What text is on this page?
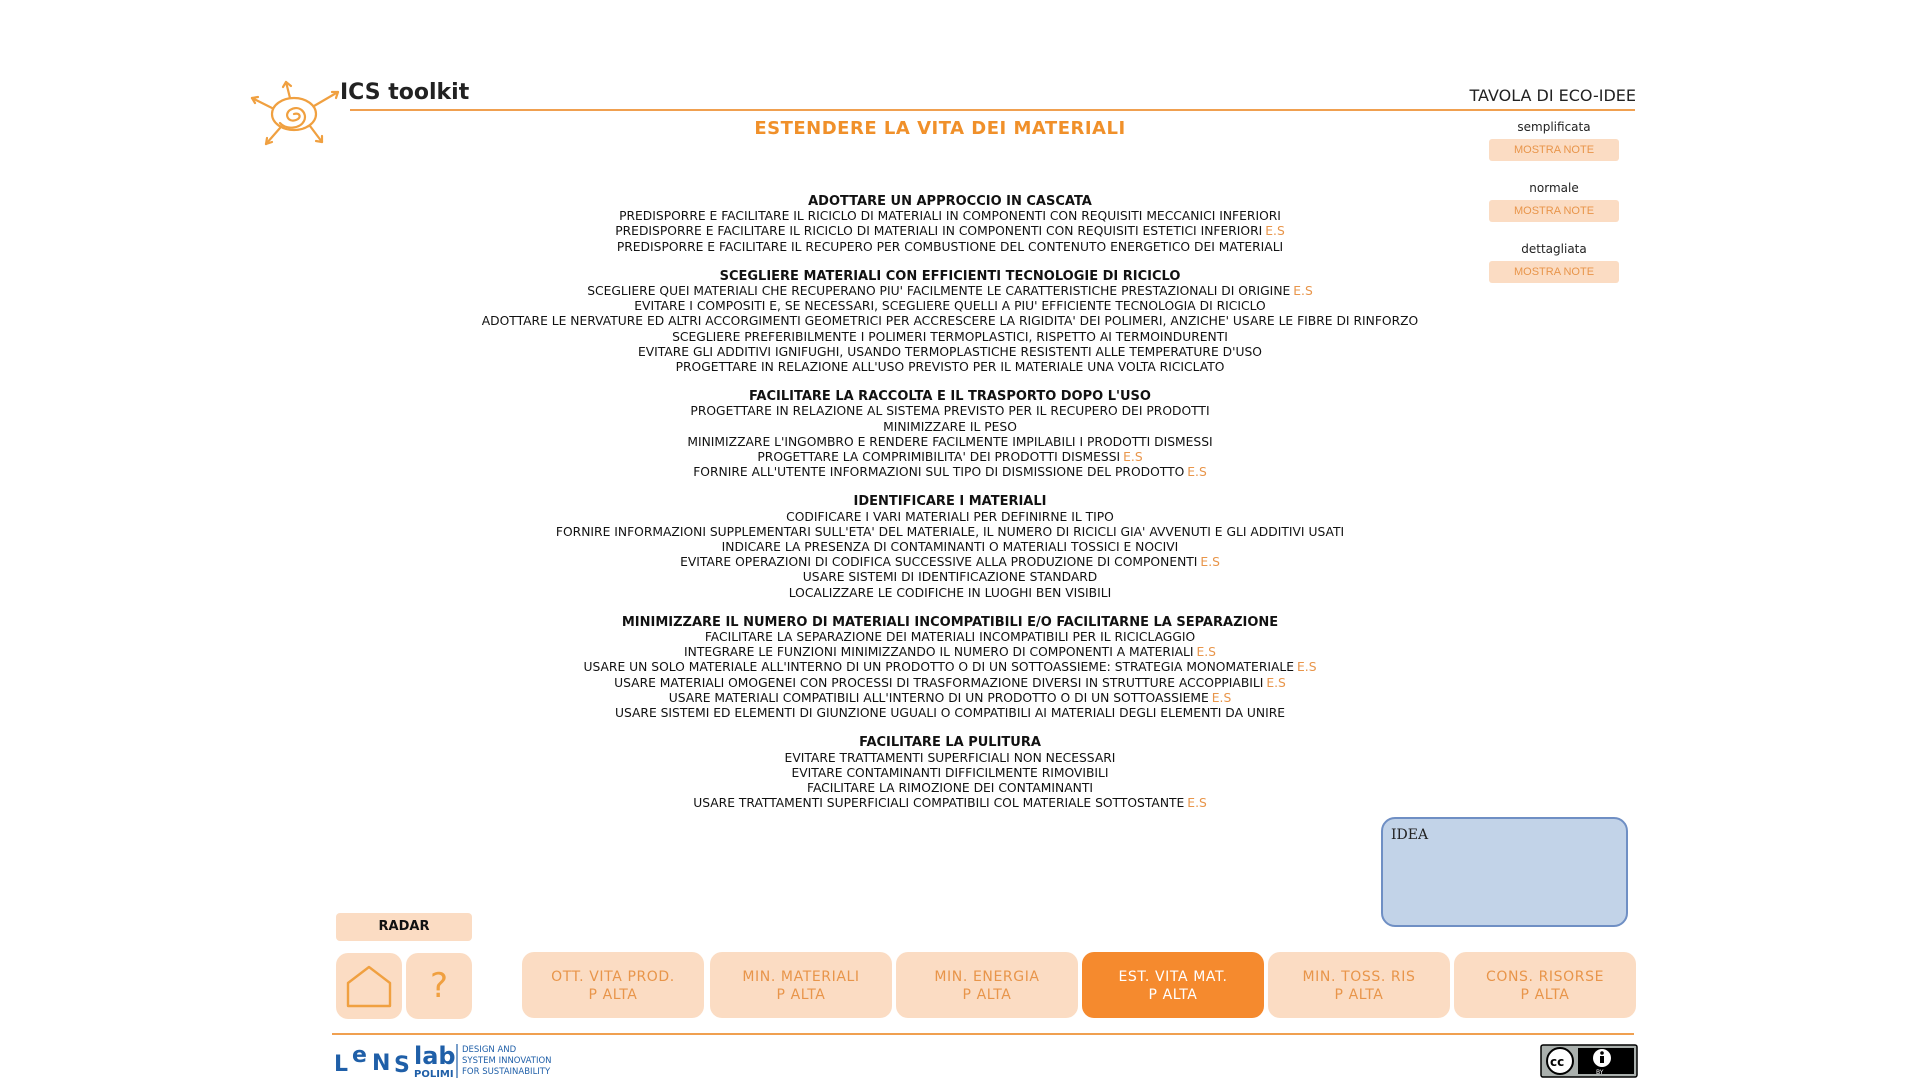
ICS toolkit	TAVOLA DI ECO-IDEE
ESTENDERE LA VITA DEI MATERIALI	semplificata
MOSTRA NOTE
normale
MOSTRA NOTE
dettagliata
MOSTRA NOTE
ADOTTARE UN APPROCCIO IN CASCATA
PREDISPORRE E FACILITARE IL RICICLO DI MATERIALI IN COMPONENTI CON REQUISITI MECCANICI INFERIORI
PREDISPORRE E FACILITARE IL RICICLO DI MATERIALI IN COMPONENTI CON REQUISITI ESTETICI INFERIORI E.S
PREDISPORRE E FACILITARE IL RECUPERO PER COMBUSTIONE DEL CONTENUTO ENERGETICO DEI MATERIALI
SCEGLIERE MATERIALI CON EFFICIENTI TECNOLOGIE DI RICICLO
SCEGLIERE QUEI MATERIALI CHE RECUPERANO PIU' FACILMENTE LE CARATTERISTICHE PRESTAZIONALI DI ORIGINE E.S
EVITARE I COMPOSITI E, SE NECESSARI, SCEGLIERE QUELLI A PIU' EFFICIENTE TECNOLOGIA DI RICICLO
ADOTTARE LE NERVATURE ED ALTRI ACCORGIMENTI GEOMETRICI PER ACCRESCERE LA RIGIDITA' DEI POLIMERI, ANZICHE' USARE LE FIBRE DI RINFORZO
SCEGLIERE PREFERIBILMENTE I POLIMERI TERMOPLASTICI, RISPETTO AI TERMOINDURENTI
EVITARE GLI ADDITIVI IGNIFUGHI, USANDO TERMOPLASTICHE RESISTENTI ALLE TEMPERATURE D'USO
PROGETTARE IN RELAZIONE ALL'USO PREVISTO PER IL MATERIALE UNA VOLTA RICICLATO
FACILITARE LA RACCOLTA E IL TRASPORTO DOPO L'USO
PROGETTARE IN RELAZIONE AL SISTEMA PREVISTO PER IL RECUPERO DEI PRODOTTI
MINIMIZZARE IL PESO
MINIMIZZARE L'INGOMBRO E RENDERE FACILMENTE IMPILABILI I PRODOTTI DISMESSI
PROGETTARE LA COMPRIMIBILITA' DEI PRODOTTI DISMESSI E.S
FORNIRE ALL'UTENTE INFORMAZIONI SUL TIPO DI DISMISSIONE DEL PRODOTTO E.S
IDENTIFICARE I MATERIALI
CODIFICARE I VARI MATERIALI PER DEFINIRNE IL TIPO
FORNIRE INFORMAZIONI SUPPLEMENTARI SULL'ETA' DEL MATERIALE, IL NUMERO DI RICICLI GIA' AVVENUTI E GLI ADDITIVI USATI
INDICARE LA PRESENZA DI CONTAMINANTI O MATERIALI TOSSICI E NOCIVI
EVITARE OPERAZIONI DI CODIFICA SUCCESSIVE ALLA PRODUZIONE DI COMPONENTI E.S
USARE SISTEMI DI IDENTIFICAZIONE STANDARD
LOCALIZZARE LE CODIFICHE IN LUOGHI BEN VISIBILI
MINIMIZZARE IL NUMERO DI MATERIALI INCOMPATIBILI E/O FACILITARNE LA SEPARAZIONE
FACILITARE LA SEPARAZIONE DEI MATERIALI INCOMPATIBILI PER IL RICICLAGGIO
INTEGRARE LE FUNZIONI MINIMIZZANDO IL NUMERO DI COMPONENTI A MATERIALI E.S
USARE UN SOLO MATERIALE ALL'INTERNO DI UN PRODOTTO O DI UN SOTTOASSIEME: STRATEGIA MONOMATERIALE E.S
USARE MATERIALI OMOGENEI CON PROCESSI DI TRASFORMAZIONE DIVERSI IN STRUTTURE ACCOPPIABILI E.S
USARE MATERIALI COMPATIBILI ALL'INTERNO DI UN PRODOTTO O DI UN SOTTOASSIEME E.S
USARE SISTEMI ED ELEMENTI DI GIUNZIONE UGUALI O COMPATIBILI AI MATERIALI DEGLI ELEMENTI DA UNIRE
FACILITARE LA PULITURA
EVITARE TRATTAMENTI SUPERFICIALI NON NECESSARI
EVITARE CONTAMINANTI DIFFICILMENTE RIMOVIBILI
FACILITARE LA RIMOZIONE DEI CONTAMINANTI
USARE TRATTAMENTI SUPERFICIALI COMPATIBILI COL MATERIALE SOTTOSTANTE E.S
IDEA
RADAR
?	OTT. VITA PROD.
P ALTA
MIN. MATERIALI
P ALTA
MIN. ENERGIA
P ALTA
EST. VITA MAT.
P ALTA
MIN. TOSS. RIS
P ALTA
CONS. RISORSE
P ALTA
L e N S lab
POLIMI
DESIGN AND
SYSTEM INNOVATION
FOR SUSTAINABILITY
cc
BY
